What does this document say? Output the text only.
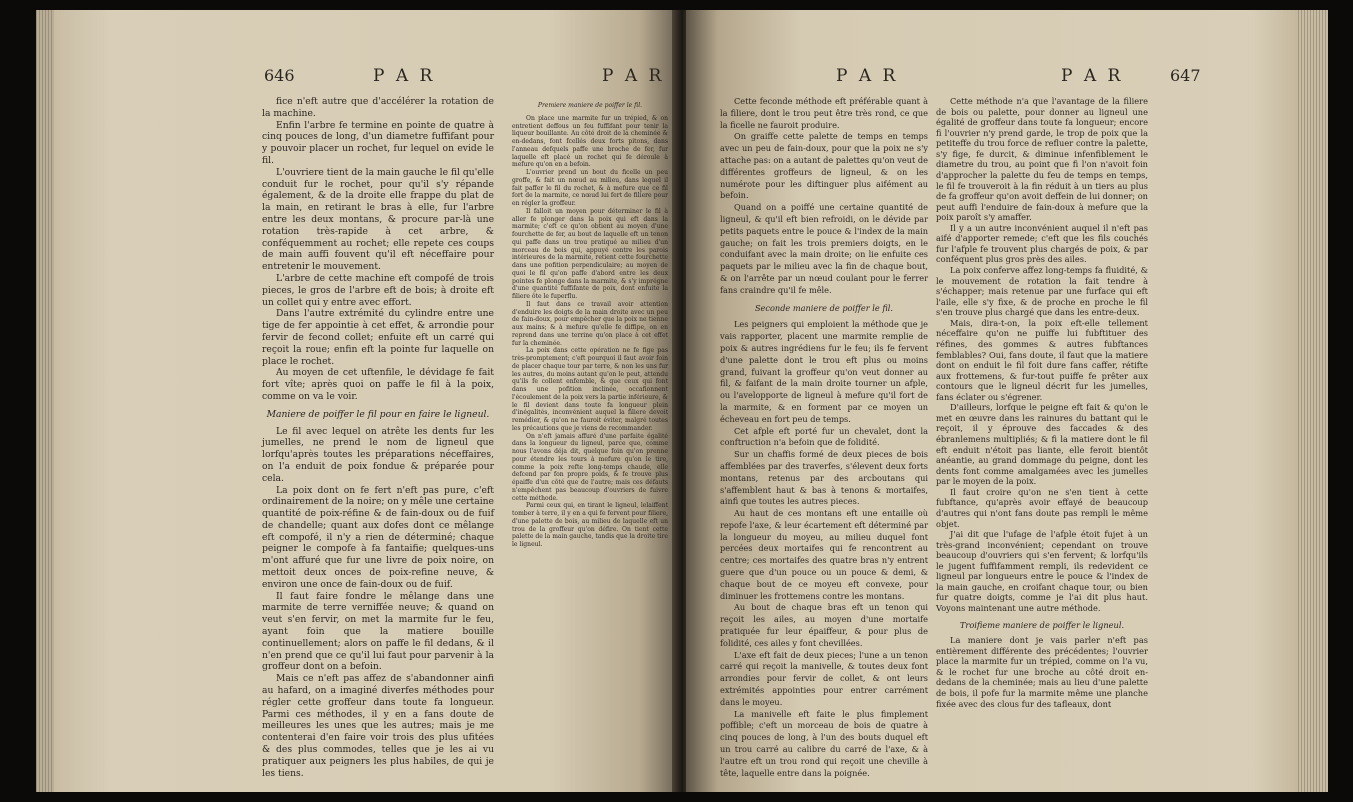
646	P A R	P A R

fice n'eft autre que d'accélérer la rotation de la machine.

Enfin l'arbre fe termine en pointe de quatre à cinq pouces de long, d'un diametre fuffifant pour y pouvoir placer un rochet, fur lequel on evide le fil.

L'ouvriere tient de la main gauche le fil qu'elle conduit fur le rochet, pour qu'il s'y répande également, & de la droite elle frappe du plat de la main, en retirant le bras à elle, fur l'arbre entre les deux montans, & procure par-là une rotation très-rapide à cet arbre, & conféquemment au rochet; elle repete ces coups de main auffi fouvent qu'il eft néceffaire pour entretenir le mouvement.

L'arbre de cette machine eft compofé de trois pieces, le gros de l'arbre eft de bois; à droite eft un collet qui y entre avec effort.

Dans l'autre extrémité du cylindre entre une tige de fer appointie à cet effet, & arrondie pour fervir de fecond collet; enfuite eft un carré qui reçoit la roue; enfin eft la pointe fur laquelle on place le rochet.

Au moyen de cet uftenfile, le dévidage fe fait fort vîte; après quoi on paffe le fil à la poix, comme on va le voir.

Maniere de poiffer le fil pour en faire le ligneul.

Le fil avec lequel on atrête les dents fur les jumelles, ne prend le nom de ligneul que lorfqu'après toutes les préparations néceffaires, on l'a enduit de poix fondue & préparée pour cela.

La poix dont on fe fert n'eft pas pure, c'eft ordinairement de la noire; on y mêle une certaine quantité de poix-réfine & de fain-doux ou de fuif de chandelle; quant aux dofes dont ce mêlange eft compofé, il n'y a rien de déterminé; chaque peigner le compofe à fa fantaifie; quelques-uns m'ont affuré que fur une livre de poix noire, on mettoit deux onces de poix-refine neuve, & environ une once de fain-doux ou de fuif.

Il faut faire fondre le mêlange dans une marmite de terre verniffée neuve; & quand on veut s'en fervir, on met la marmite fur le feu, ayant foin que la matiere bouille continuellement; alors on paffe le fil dedans, & il n'en prend que ce qu'il lui faut pour parvenir à la groffeur dont on a befoin.

Mais ce n'eft pas affez de s'abandonner ainfi au hafard, on a imaginé diverfes méthodes pour régler cette groffeur dans toute fa longueur. Parmi ces méthodes, il y en a fans doute de meilleures les unes que les autres; mais je me contenterai d'en faire voir trois des plus ufitées & des plus commodes, telles que je les ai vu pratiquer aux peigners les plus habiles, de qui je les tiens.

Premiere maniere de poiffer le fil.

On place une marmite fur un trépied, & on entretient deffous un feu fuffifant pour tenir la liqueur bouillante. Au côté droit de la cheminée & en-dedans, font fcellés deux forts pitons, dans l'anneau defquels paffe une broche de fer, fur laquelle eft placé un rochet qui fe déroule à mefure qu'on en a befoin.

L'ouvrier prend un bout du ficelle un peu groffe, & fait un nœud au milieu, dans lequel il fait paffer le fil du rochet, & à mefure que ce fil fort de la marmite, ce nœud lui fert de filiere pour en régler la groffeur.

Il falloit un moyen pour déterminer le fil à aller fe plonger dans la poix qui eft dans la marmite; c'eft ce qu'on obtient au moyen d'une fourchette de fer, au bout de laquelle eft un tenon qui paffe dans un trou pratiqué au milieu d'un morceau de bois qui, appuyé contre les parois intérieures de la marmite, retient cette fourchette dans une pofition perpendiculaire; au moyen de quoi le fil qu'on paffe d'abord entre les deux pointes fe plonge dans la marmite, & s'y imprégne d'une quantité fuffifante de poix, dont enfuite la filiere ôte le fuperflu.

Il faut dans ce travail avoir attention d'enduire les doigts de la main droite avec un peu de fain-doux, pour empêcher que la poix ne tienne aux mains; & à mefure qu'elle fe diffipe, on en reprend dans une terrine qu'on place à cet effet fur la cheminée.

La poix dans cette opération ne fe fige pas très-promptement; c'eft pourquoi il faut avoir foin de placer chaque tour par terre, & non les uns fur les autres, du moins autant qu'on le peut, attendu qu'ils fe collent enfemble, & que ceux qui font dans une pofition inclinée, occafionnent l'écoulement de la poix vers la partie inférieure, & le fil devient dans toute fa longueur plein d'inégalités, inconvénient auquel la filiere devoit remédier, & qu'on ne fauroit éviter, malgré toutes les précautions que je viens de recommander.

On n'eft jamais affuré d'une parfaite égalité dans la longueur du ligneul, parce que, comme nous l'avons déja dit, quelque foin qu'on prenne pour étendre les tours à mefure qu'on le tire, comme la poix refte long-temps chaude, elle defcend par fon propre poids, & fe trouve plus épaiffe d'un côté que de l'autre; mais ces défauts n'empêchent pas beaucoup d'ouvriers de fuivre cette méthode.

Parmi ceux qui, en tirant le ligneul, lelaiffent tomber à terre, il y en a qui fe fervent pour filiere, d'une palette de bois, au milieu de laquelle eft un trou de la groffeur qu'on défire. On tient cette palette de la main gauche, tandis que la droite tire le ligneul.

P A R	P A R	647

Cette feconde méthode eft préférable quant à la filiere, dont le trou peut être très rond, ce que la ficelle ne fauroit produire.

On graiffe cette palette de temps en temps avec un peu de fain-doux, pour que la poix ne s'y attache pas: on a autant de palettes qu'on veut de différentes groffeurs de ligneul, & on les numérote pour les diftinguer plus aifément au befoin.

Quand on a poiffé une certaine quantité de ligneul, & qu'il eft bien refroidi, on le dévide par petits paquets entre le pouce & l'index de la main gauche; on fait les trois premiers doigts, en le conduifant avec la main droite; on lie enfuite ces paquets par le milieu avec la fin de chaque bout, & on l'arrête par un nœud coulant pour le ferrer fans craindre qu'il fe mêle.

Seconde maniere de poiffer le fil.

Les peigners qui emploient la méthode que je vais rapporter, placent une marmite remplie de poix & autres ingrédiens fur le feu; ils fe fervent d'une palette dont le trou eft plus ou moins grand, fuivant la groffeur qu'on veut donner au fil, & faifant de la main droite tourner un afple, ou l'avelopporte de ligneul à mefure qu'il fort de la marmite, & en forment par ce moyen un écheveau en fort peu de temps.

Cet afple eft porté fur un chevalet, dont la conftruction n'a befoin que de folidité.

Sur un chaffis formé de deux pieces de bois affemblées par des traverfes, s'élevent deux forts montans, retenus par des arcboutans qui s'affemblent haut & bas à tenons & mortaifes, ainfi que toutes les autres pieces.

Au haut de ces montans eft une entaille où repofe l'axe, & leur écartement eft déterminé par la longueur du moyeu, au milieu duquel font percées deux mortaifes qui fe rencontrent au centre; ces mortaifes des quatre bras n'y entrent guere que d'un pouce ou un pouce & demi, & chaque bout de ce moyeu eft convexe, pour diminuer les frottemens contre les montans.

Au bout de chaque bras eft un tenon qui reçoit les ailes, au moyen d'une mortaife pratiquée fur leur épaiffeur, & pour plus de folidité, ces ailes y font chevillées.

L'axe eft fait de deux pieces; l'une a un tenon carré qui reçoit la manivelle, & toutes deux font arrondies pour fervir de collet, & ont leurs extrémités appointies pour entrer carrément dans le moyeu.

La manivelle eft faite le plus fimplement poffible; c'eft un morceau de bois de quatre à cinq pouces de long, à l'un des bouts duquel eft un trou carré au calibre du carré de l'axe, & à l'autre eft un trou rond qui reçoit une cheville à tête, laquelle entre dans la poignée.

Cette méthode n'a que l'avantage de la filiere de bois ou palette, pour donner au ligneul une égalité de groffeur dans toute fa longueur; encore fi l'ouvrier n'y prend garde, le trop de poix que la petiteffe du trou force de refluer contre la palette, s'y fige, fe durcit, & diminue infenfiblement le diametre du trou, au point que fi l'on n'avoit foin d'approcher la palette du feu de temps en temps, le fil fe trouveroit à la fin réduit à un tiers au plus de fa groffeur qu'on avoit deffein de lui donner; on peut auffi l'enduire de fain-doux à mefure que la poix paroît s'y amaffer.

Il y a un autre inconvénient auquel il n'eft pas aifé d'apporter remede; c'eft que les fils couchés fur l'afple fe trouvent plus chargés de poix, & par conféquent plus gros près des ailes.

La poix conferve affez long-temps fa fluidité, & le mouvement de rotation la fait tendre à s'échapper; mais retenue par une furface qui eft l'aile, elle s'y fixe, & de proche en proche le fil s'en trouve plus chargé que dans les entre-deux.

Mais, dira-t-on, la poix eft-elle tellement néceffaire qu'on ne puiffe lui fubftituer des réfines, des gommes & autres fubftances femblables? Oui, fans doute, il faut que la matiere dont on enduit le fil foit dure fans caffer, rétifte aux frottemens, & fur-tout puiffe fe prêter aux contours que le ligneul décrit fur les jumelles, fans éclater ou s'égrener.

D'ailleurs, lorfque le peigne eft fait & qu'on le met en œuvre dans les rainures du battant qui le reçoit, il y éprouve des faccades & des ébranlemens multipliés; & fi la matiere dont le fil eft enduit n'étoit pas liante, elle feroit bientôt anéantie, au grand dommage du peigne, dont les dents font comme amalgamées avec les jumelles par le moyen de la poix.

Il faut croire qu'on ne s'en tient à cette fubftance, qu'après avoir effayé de beaucoup d'autres qui n'ont fans doute pas rempli le même objet.

J'ai dit que l'ufage de l'afple étoit fujet à un très-grand inconvénient; cependant on trouve beaucoup d'ouvriers qui s'en fervent; & lorfqu'ils le jugent fuffifamment rempli, ils redevident ce ligneul par longueurs entre le pouce & l'index de la main gauche, en croifant chaque tour, ou bien fur quatre doigts, comme je l'ai dit plus haut. Voyons maintenant une autre méthode.

Troifieme maniere de poiffer le ligneul.

La maniere dont je vais parler n'eft pas entièrement différente des précédentes; l'ouvrier place la marmite fur un trépied, comme on l'a vu, & le rochet fur une broche au côté droit en-dedans de la cheminée; mais au lieu d'une palette de bois, il pofe fur la marmite même une planche fixée avec des clous fur des tafleaux, dont
